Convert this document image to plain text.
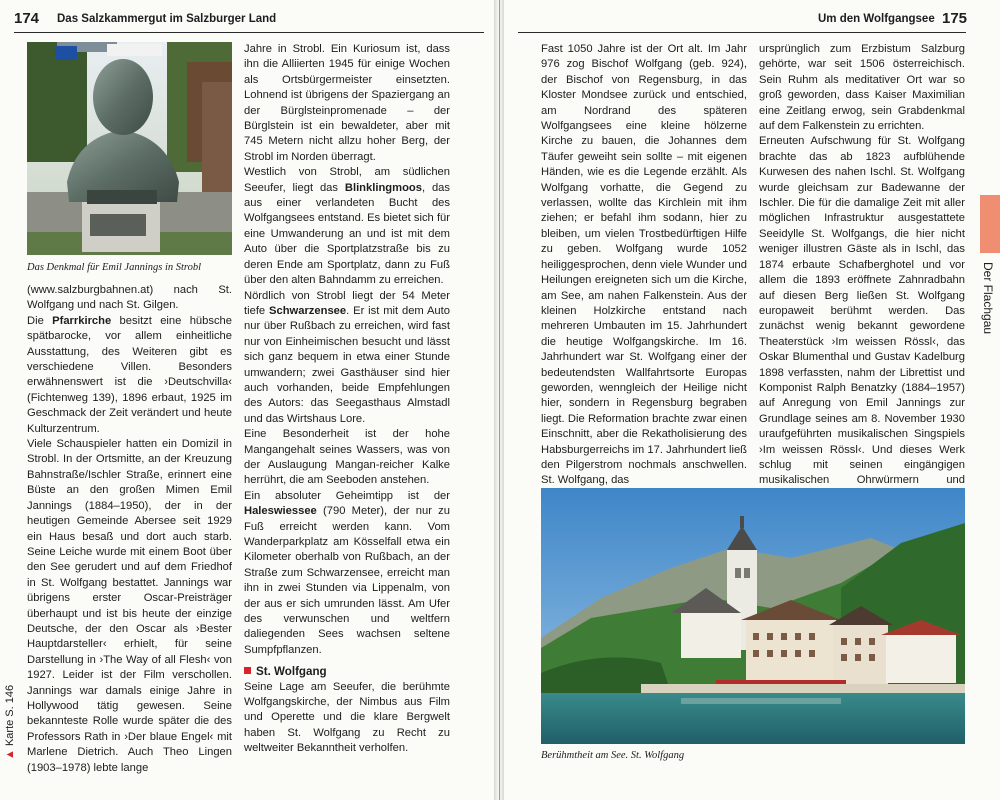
174 Das Salzkammergut im Salzburger Land
Das Denkmal für Emil Jannings in Strobl

(www.salzburgbahnen.at) nach St. Wolfgang und nach St. Gilgen.

Die Pfarrkirche besitzt eine hübsche spätbarocke, vor allem einheitliche Ausstattung, des Weiteren gibt es verschiedene Villen. Besonders erwähnenswert ist die ›Deutschvilla‹ (Fichtenweg 139), 1896 erbaut, 1925 im Geschmack der Zeit verändert und heute Kulturzentrum.

Viele Schauspieler hatten ein Domizil in Strobl. In der Ortsmitte, an der Kreuzung Bahnstraße/Ischler Straße, erinnert eine Büste an den großen Mimen Emil Jannings (1884–1950), der in der heutigen Gemeinde Abersee seit 1929 ein Haus besaß und dort auch starb. Seine Leiche wurde mit einem Boot über den See gerudert und auf dem Friedhof in St. Wolfgang bestattet. Jannings war übrigens erster Oscar-Preisträger überhaupt und ist bis heute der einzige Deutsche, der den Oscar als ›Bester Hauptdarsteller‹ erhielt, für seine Darstellung in ›The Way of all Flesh‹ von 1927. Leider ist der Film verschollen. Jannings war damals einige Jahre in Hollywood tätig gewesen. Seine bekannteste Rolle wurde später die des Professors Rath in ›Der blaue Engel‹ mit Marlene Dietrich. Auch Theo Lingen (1903–1978) lebte lange

Jahre in Strobl. Ein Kuriosum ist, dass ihn die Alliierten 1945 für einige Wochen als Ortsbürgermeister einsetzten. Lohnend ist übrigens der Spaziergang an der Bürglsteinpromenade – der Bürglstein ist ein bewaldeter, aber mit 745 Metern nicht allzu hoher Berg, der Strobl im Norden überragt.

Westlich von Strobl, am südlichen Seeufer, liegt das Blinklingmoos, das aus einer verlandeten Bucht des Wolfgangsees entstand. Es bietet sich für eine Umwanderung an und ist mit dem Auto über die Sportplatzstraße bis zu deren Ende am Sportplatz, dann zu Fuß über den alten Bahndamm zu erreichen.

Nördlich von Strobl liegt der 54 Meter tiefe Schwarzensee. Er ist mit dem Auto nur über Rußbach zu erreichen, wird fast nur von Einheimischen besucht und lässt sich ganz bequem in etwa einer Stunde umwandern; zwei Gasthäuser sind hier auch vorhanden, beide Empfehlungen des Autors: das Seegasthaus Almstadl und das Wirtshaus Lore.

Eine Besonderheit ist der hohe Mangangehalt seines Wassers, was von der Auslaugung Mangan-reicher Kalke herrührt, die am Seeboden anstehen.

Ein absoluter Geheimtipp ist der Haleswiessee (790 Meter), der nur zu Fuß erreicht werden kann. Vom Wanderparkplatz am Kösselfall etwa ein Kilometer oberhalb von Rußbach, an der Straße zum Schwarzensee, erreicht man ihn in zwei Stunden via Lippenalm, von der aus er sich umrunden lässt. Am Ufer des verwunschen und weltfern daliegenden Sees wachsen seltene Sumpfpflanzen.

St. Wolfgang

Seine Lage am Seeufer, die berühmte Wolfgangskirche, der Nimbus aus Film und Operette und die klare Bergwelt haben St. Wolfgang zu Recht zu weltweiter Bekanntheit verholfen.

▲ Karte S. 146
Um den Wolfgangsee 175

Fast 1050 Jahre ist der Ort alt. Im Jahr 976 zog Bischof Wolfgang (geb. 924), der Bischof von Regensburg, in das Kloster Mondsee zurück und entschied, am Nordrand des späteren Wolfgangsees eine kleine hölzerne Kirche zu bauen, die Johannes dem Täufer geweiht sein sollte – mit eigenen Händen, wie es die Legende erzählt. Als Wolfgang vorhatte, die Gegend zu verlassen, wollte das Kirchlein mit ihm ziehen; er befahl ihm sodann, hier zu bleiben, um vielen Trostbedürftigen Hilfe zu geben. Wolfgang wurde 1052 heiliggesprochen, denn viele Wunder und Heilungen ereigneten sich um die Kirche, am See, am nahen Falkenstein. Aus der kleinen Holzkirche entstand nach mehreren Umbauten im 15. Jahrhundert die heutige Wolfgangskirche. Im 16. Jahrhundert war St. Wolfgang einer der bedeutendsten Wallfahrtsorte Europas geworden, wenngleich der Heilige nicht hier, sondern in Regensburg begraben liegt. Die Reformation brachte zwar einen Einschnitt, aber die Rekatholisierung des Habsburgerreichs im 17. Jahrhundert ließ den Pilgerstrom nochmals anschwellen. St. Wolfgang, das

ursprünglich zum Erzbistum Salzburg gehörte, war seit 1506 österreichisch. Sein Ruhm als meditativer Ort war so groß geworden, dass Kaiser Maximilian eine Zeitlang erwog, sein Grabdenkmal auf dem Falkenstein zu errichten.

Erneuten Aufschwung für St. Wolfgang brachte das ab 1823 aufblühende Kurwesen des nahen Ischl. St. Wolfgang wurde gleichsam zur Badewanne der Ischler. Die für die damalige Zeit mit aller möglichen Infrastruktur ausgestattete Seeidylle St. Wolfgangs, die hier nicht weniger illustren Gäste als in Ischl, das 1874 erbaute Schafberghotel und vor allem die 1893 eröffnete Zahnradbahn auf diesen Berg ließen St. Wolfgang europaweit berühmt werden. Das zunächst wenig bekannt gewordene Theaterstück ›Im weissen Rössl‹, das Oskar Blumenthal und Gustav Kadelburg 1898 verfassten, nahm der Librettist und Komponist Ralph Benatzky (1884–1957) auf Anregung von Emil Jannings zur Grundlage seines am 8. November 1930 uraufgeführten musikalischen Singspiels ›Im weissen Rössl‹. Und dieses Werk schlug mit seinen eingängigen musikalischen Ohrwürmern und

Berühmtheit am See. St. Wolfgang
Der Flachgau
